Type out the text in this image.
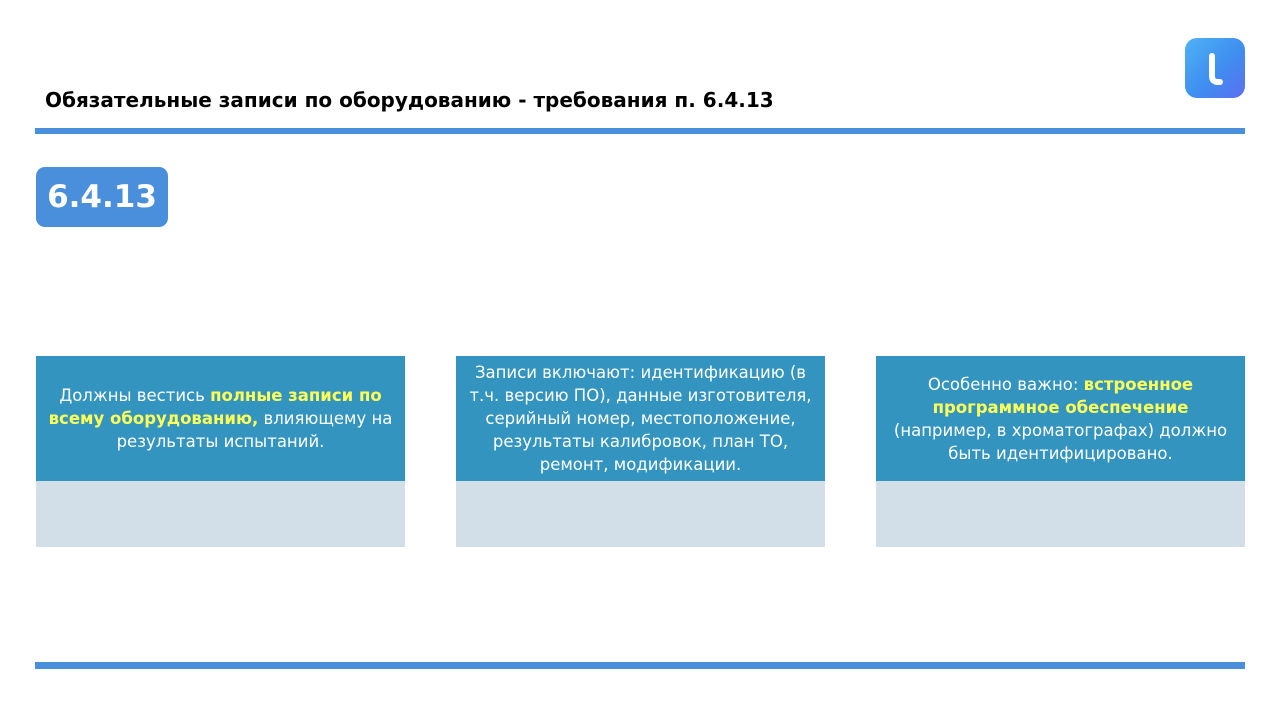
Обязательные записи по оборудованию - требования п. 6.4.13
6.4.13
Должны вестись полные записи по всему оборудованию, влияющему на результаты испытаний.
Записи включают: идентификацию (в т.ч. версию ПО), данные изготовителя, серийный номер, местоположение, результаты калибровок, план ТО, ремонт, модификации.
Особенно важно: встроенное программное обеспечение (например, в хроматографах) должно быть идентифицировано.
